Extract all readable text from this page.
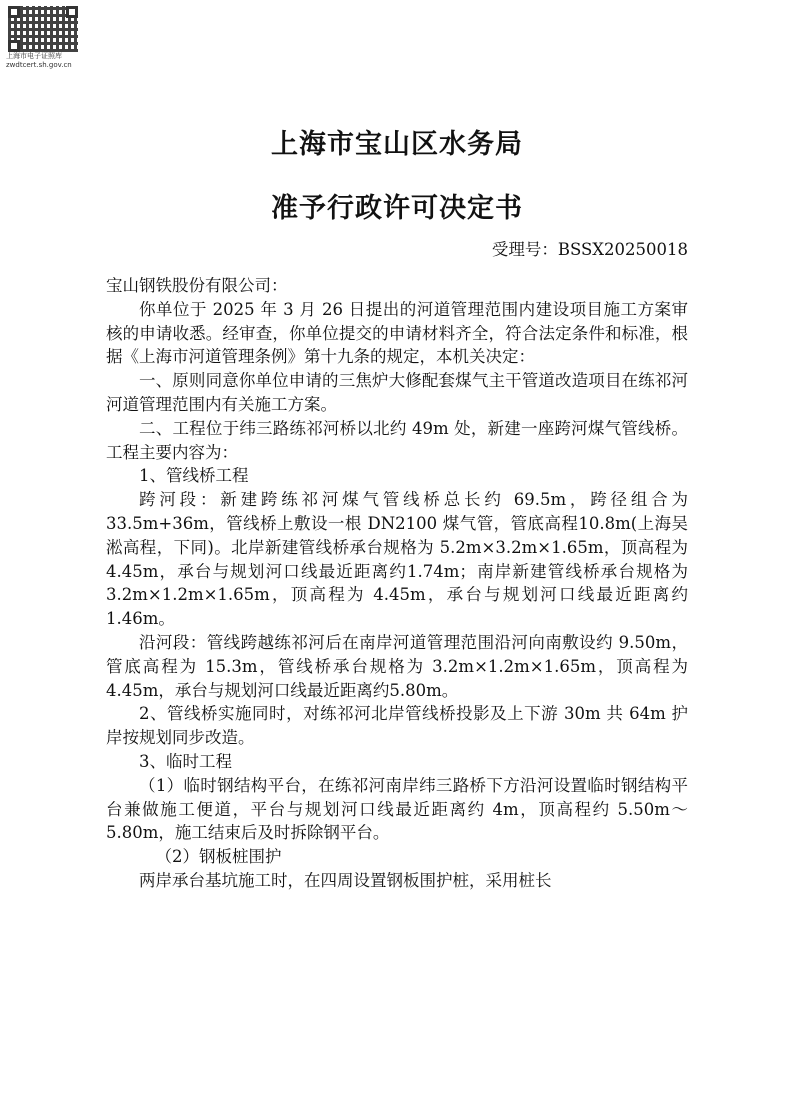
上海市电子证照库
zwdtcert.sh.gov.cn
上海市宝山区水务局
准予行政许可决定书
受理号：BSSX20250018

宝山钢铁股份有限公司：

你单位于 2025 年 3 月 26 日提出的河道管理范围内建设项目施工方案审核的申请收悉。经审查，你单位提交的申请材料齐全，符合法定条件和标准，根据《上海市河道管理条例》第十九条的规定，本机关决定：

一、原则同意你单位申请的三焦炉大修配套煤气主干管道改造项目在练祁河河道管理范围内有关施工方案。

二、工程位于纬三路练祁河桥以北约 49m 处，新建一座跨河煤气管线桥。工程主要内容为：

1、管线桥工程

跨河段：新建跨练祁河煤气管线桥总长约 69.5m，跨径组合为 33.5m+36m，管线桥上敷设一根 DN2100 煤气管，管底高程10.8m(上海吴淞高程，下同)。北岸新建管线桥承台规格为 5.2m×3.2m×1.65m，顶高程为 4.45m，承台与规划河口线最近距离约1.74m；南岸新建管线桥承台规格为 3.2m×1.2m×1.65m，顶高程为 4.45m，承台与规划河口线最近距离约 1.46m。

沿河段：管线跨越练祁河后在南岸河道管理范围沿河向南敷设约 9.50m，管底高程为 15.3m，管线桥承台规格为 3.2m×1.2m×1.65m，顶高程为 4.45m，承台与规划河口线最近距离约5.80m。

2、管线桥实施同时，对练祁河北岸管线桥投影及上下游 30m 共 64m 护岸按规划同步改造。

3、临时工程

（1）临时钢结构平台，在练祁河南岸纬三路桥下方沿河设置临时钢结构平台兼做施工便道，平台与规划河口线最近距离约 4m，顶高程约 5.50m～5.80m，施工结束后及时拆除钢平台。

（2）钢板桩围护

两岸承台基坑施工时，在四周设置钢板围护桩，采用桩长
